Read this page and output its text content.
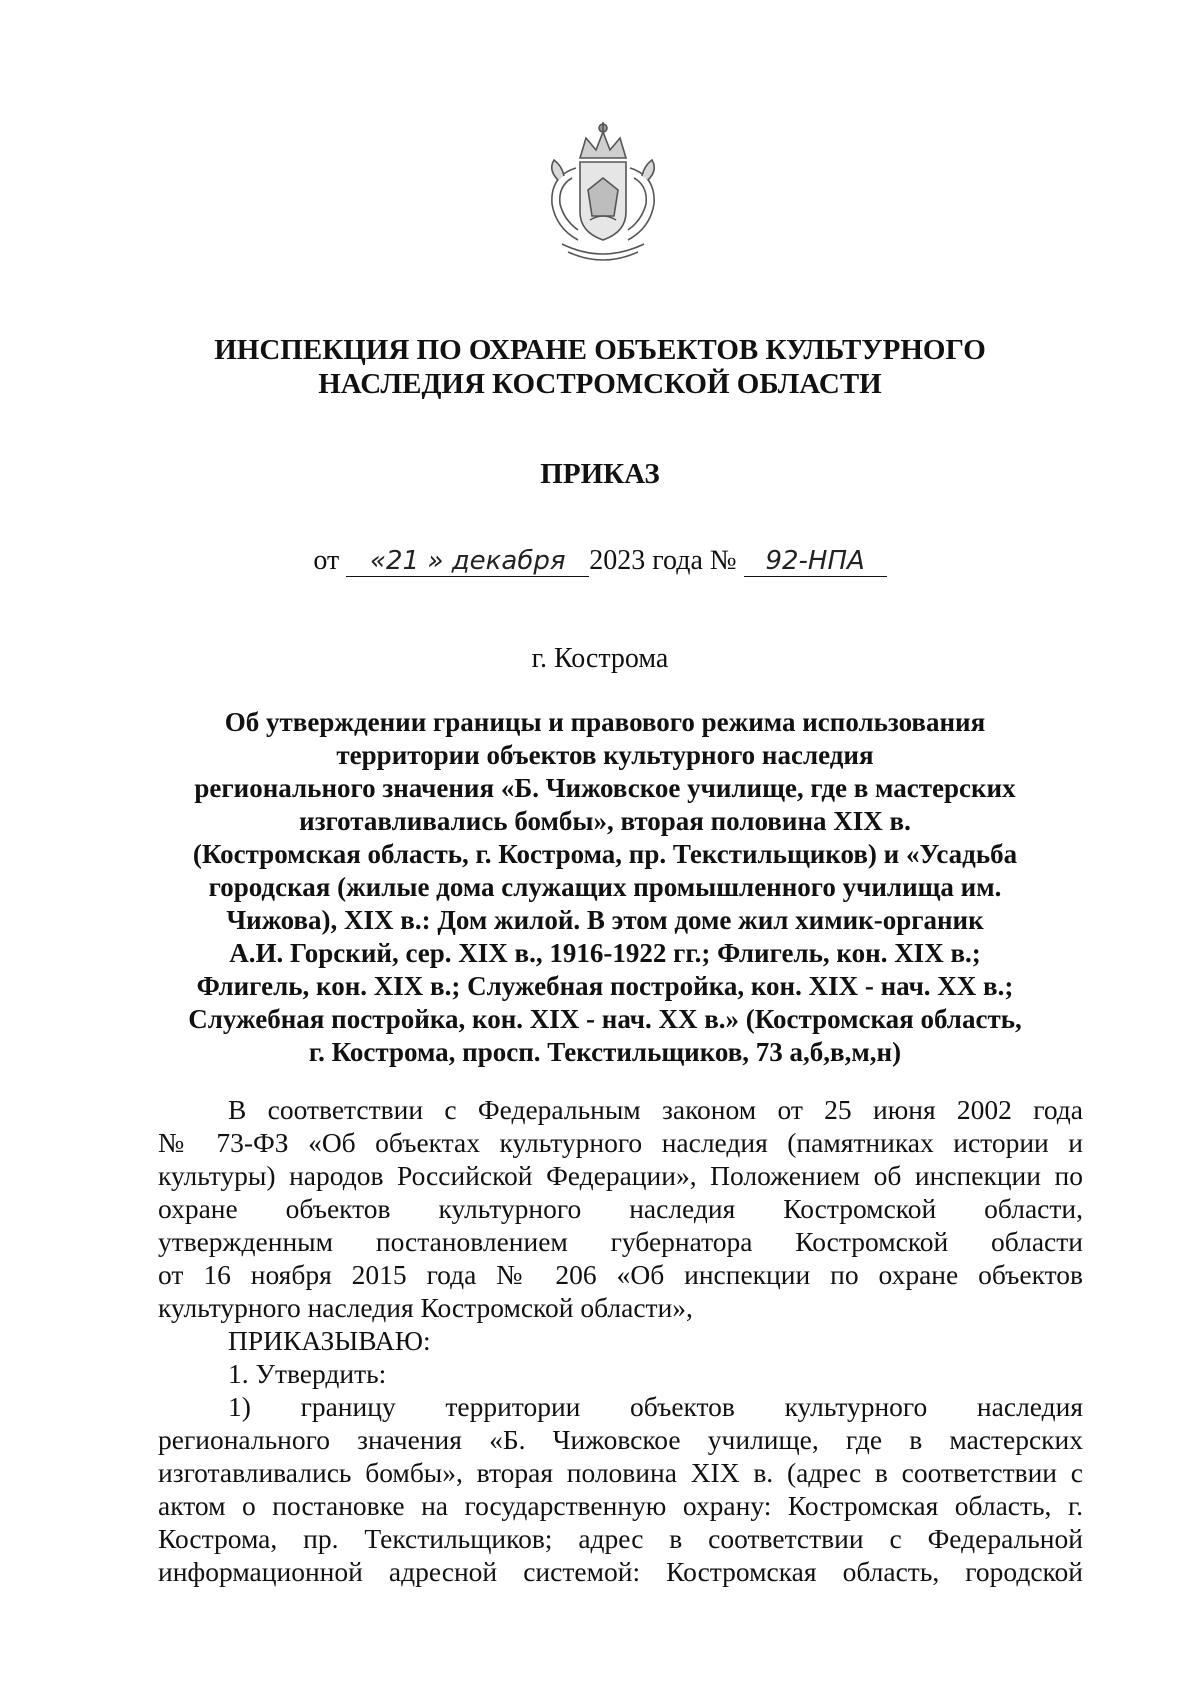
ИНСПЕКЦИЯ ПО ОХРАНЕ ОБЪЕКТОВ КУЛЬТУРНОГО
НАСЛЕДИЯ КОСТРОМСКОЙ ОБЛАСТИ
ПРИКАЗ
от «21 » декабря 2023 года № 92-НПА
г. Кострома
Об утверждении границы и правового режима использования
территории объектов культурного наследия
регионального значения «Б. Чижовское училище, где в мастерских
изготавливались бомбы», вторая половина XIX в.
(Костромская область, г. Кострома, пр. Текстильщиков) и «Усадьба
городская (жилые дома служащих промышленного училища им.
Чижова), XIX в.: Дом жилой. В этом доме жил химик-органик
А.И. Горский, сер. XIX в., 1916-1922 гг.; Флигель, кон. XIX в.;
Флигель, кон. XIX в.; Служебная постройка, кон. XIX - нач. XX в.;
Служебная постройка, кон. XIX - нач. XX в.» (Костромская область,
г. Кострома, просп. Текстильщиков, 73 а,б,в,м,н)

В соответствии с Федеральным законом от 25 июня 2002 года

№ 73-ФЗ «Об объектах культурного наследия (памятниках истории и

культуры) народов Российской Федерации», Положением об инспекции по

охране объектов культурного наследия Костромской области,

утвержденным постановлением губернатора Костромской области

от 16 ноября 2015 года № 206 «Об инспекции по охране объектов

культурного наследия Костромской области»,

ПРИКАЗЫВАЮ:

1. Утвердить:

1) границу территории объектов культурного наследия

регионального значения «Б. Чижовское училище, где в мастерских

изготавливались бомбы», вторая половина XIX в. (адрес в соответствии с

актом о постановке на государственную охрану: Костромская область, г.

Кострома, пр. Текстильщиков; адрес в соответствии с Федеральной

информационной адресной системой: Костромская область, городской
